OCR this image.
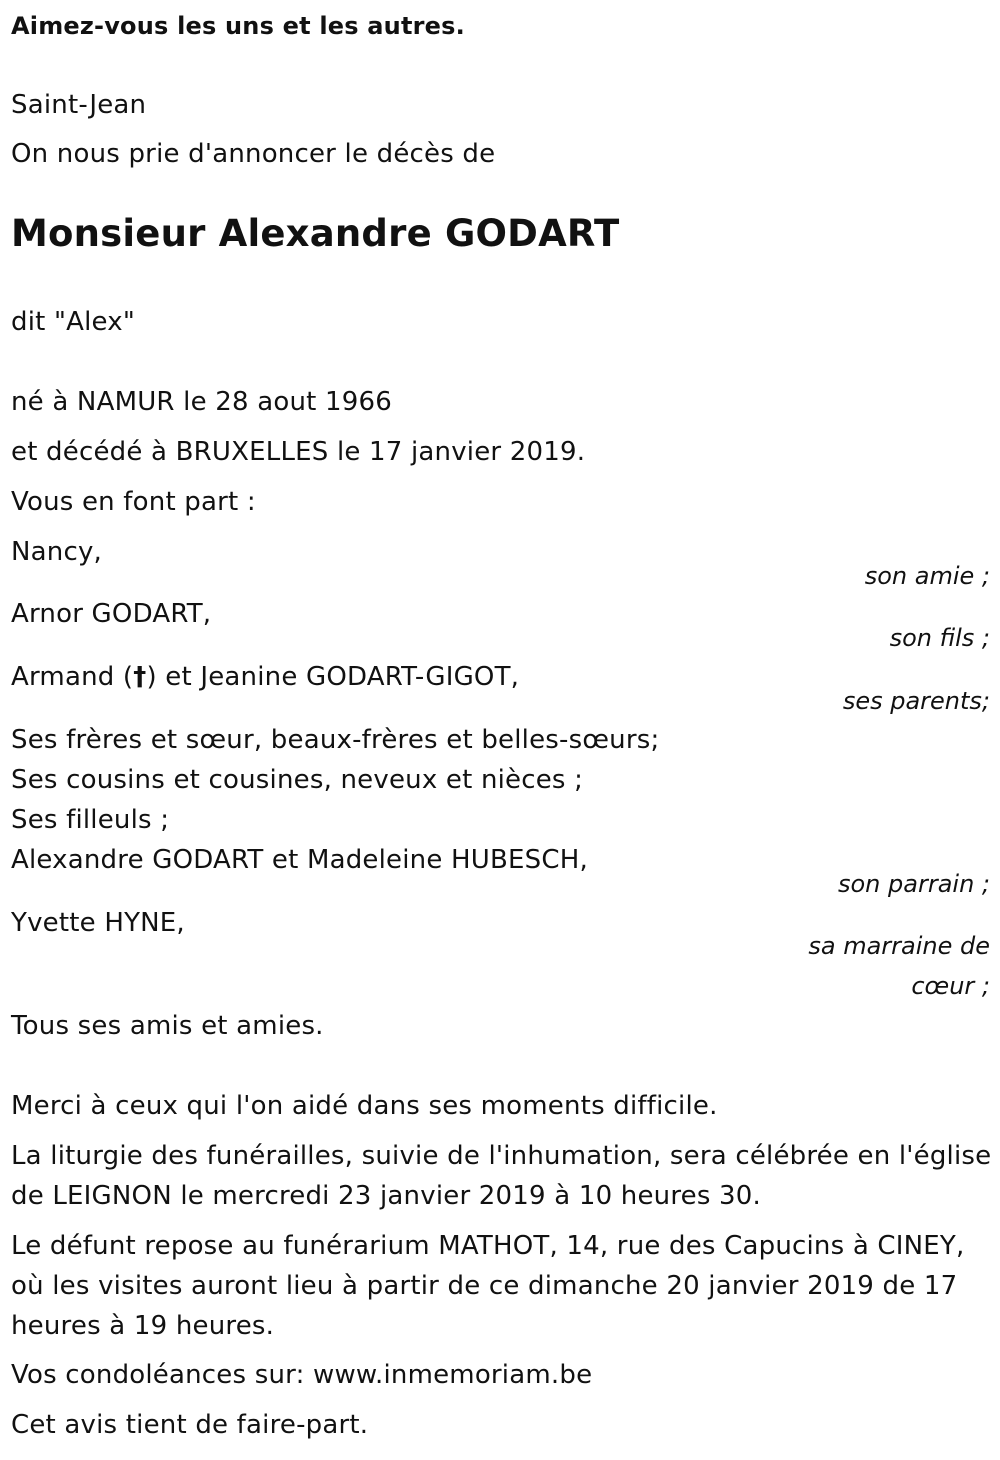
Aimez-vous les uns et les autres.
Saint-Jean
On nous prie d'annoncer le décès de
Monsieur Alexandre GODART
dit "Alex"
né à NAMUR le 28 aout 1966
et décédé à BRUXELLES le 17 janvier 2019.
Vous en font part :
Nancy,
son amie ;
Arnor GODART,
son fils ;
Armand (†) et Jeanine GODART-GIGOT,
ses parents;
Ses frères et sœur, beaux-frères et belles-sœurs;
Ses cousins et cousines, neveux et nièces ;
Ses filleuls ;
Alexandre GODART et Madeleine HUBESCH,
son parrain ;
Yvette HYNE,
sa marraine de
cœur ;
Tous ses amis et amies.
Merci à ceux qui l'on aidé dans ses moments difficile.
La liturgie des funérailles, suivie de l'inhumation, sera célébrée en l'église
de LEIGNON le mercredi 23 janvier 2019 à 10 heures 30.
Le défunt repose au funérarium MATHOT, 14, rue des Capucins à CINEY,
où les visites auront lieu à partir de ce dimanche 20 janvier 2019 de 17
heures à 19 heures.
Vos condoléances sur: www.inmemoriam.be
Cet avis tient de faire-part.
